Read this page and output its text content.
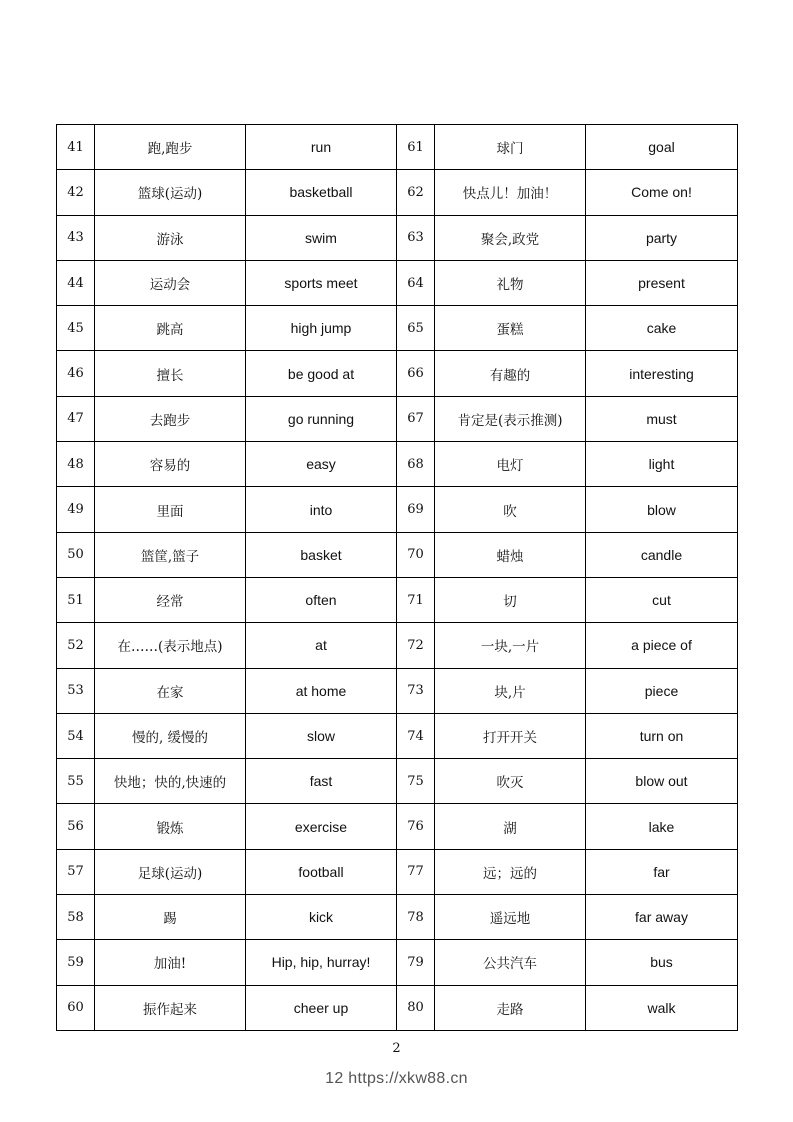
41	跑,跑步	run	61	球门	goal
42	篮球(运动)	basketball	62	快点儿！加油！	Come on!
43	游泳	swim	63	聚会,政党	party
44	运动会	sports meet	64	礼物	present
45	跳高	high jump	65	蛋糕	cake
46	擅长	be good at	66	有趣的	interesting
47	去跑步	go running	67	肯定是(表示推测)	must
48	容易的	easy	68	电灯	light
49	里面	into	69	吹	blow
50	篮筐,篮子	basket	70	蜡烛	candle
51	经常	often	71	切	cut
52	在……(表示地点)	at	72	一块,一片	a piece of
53	在家	at home	73	块,片	piece
54	慢的, 缓慢的	slow	74	打开开关	turn on
55	快地；快的,快速的	fast	75	吹灭	blow out
56	锻炼	exercise	76	湖	lake
57	足球(运动)	football	77	远；远的	far
58	踢	kick	78	遥远地	far away
59	加油!	Hip, hip, hurray!	79	公共汽车	bus
60	振作起来	cheer up	80	走路	walk
2
12 https://xkw88.cn
